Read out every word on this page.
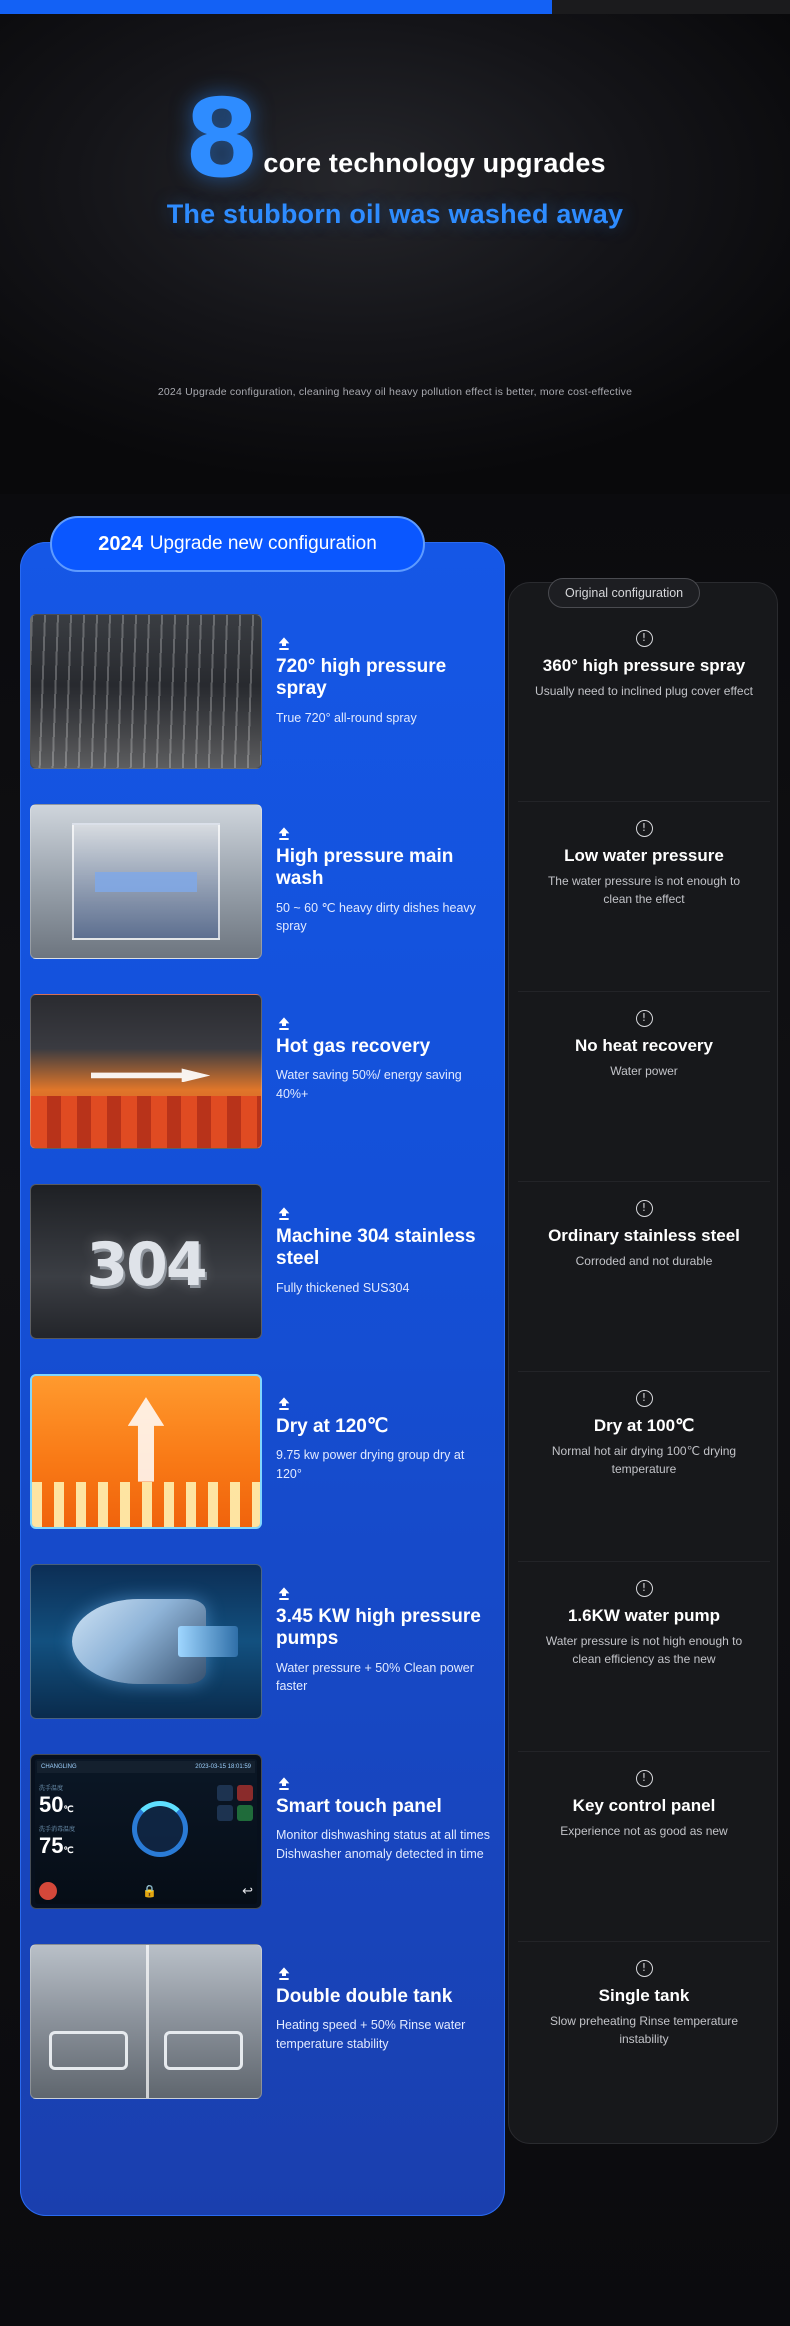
8 core technology upgrades
The stubborn oil was washed away
2024 Upgrade configuration, cleaning heavy oil heavy pollution effect is better, more cost-effective
Original configuration
2024 Upgrade new configuration
720° high pressure spray
True 720° all-round spray
High pressure main wash
50 ~ 60 ℃ heavy dirty dishes heavy spray
Hot gas recovery
Water saving 50%/ energy saving 40%+
304	Machine 304 stainless steel
Fully thickened SUS304
Dry at 120℃
9.75 kw power drying group dry at 120°
3.45 KW high pressure pumps
Water pressure + 50% Clean power faster
CHANGLING	2023-03-15 18:01:59
洗手温度
50℃
洗手消毒温度
75℃
🔒	↩
Smart touch panel
Monitor dishwashing status at all times Dishwasher anomaly detected in time
Double double tank
Heating speed + 50% Rinse water temperature stability
!
360° high pressure spray
Usually need to inclined plug cover effect
!
Low water pressure
The water pressure is not enough to clean the effect
!
No heat recovery
Water power
!
Ordinary stainless steel
Corroded and not durable
!
Dry at 100℃
Normal hot air drying 100℃ drying temperature
!
1.6KW water pump
Water pressure is not high enough to clean efficiency as the new
!
Key control panel
Experience not as good as new
!
Single tank
Slow preheating Rinse temperature instability
